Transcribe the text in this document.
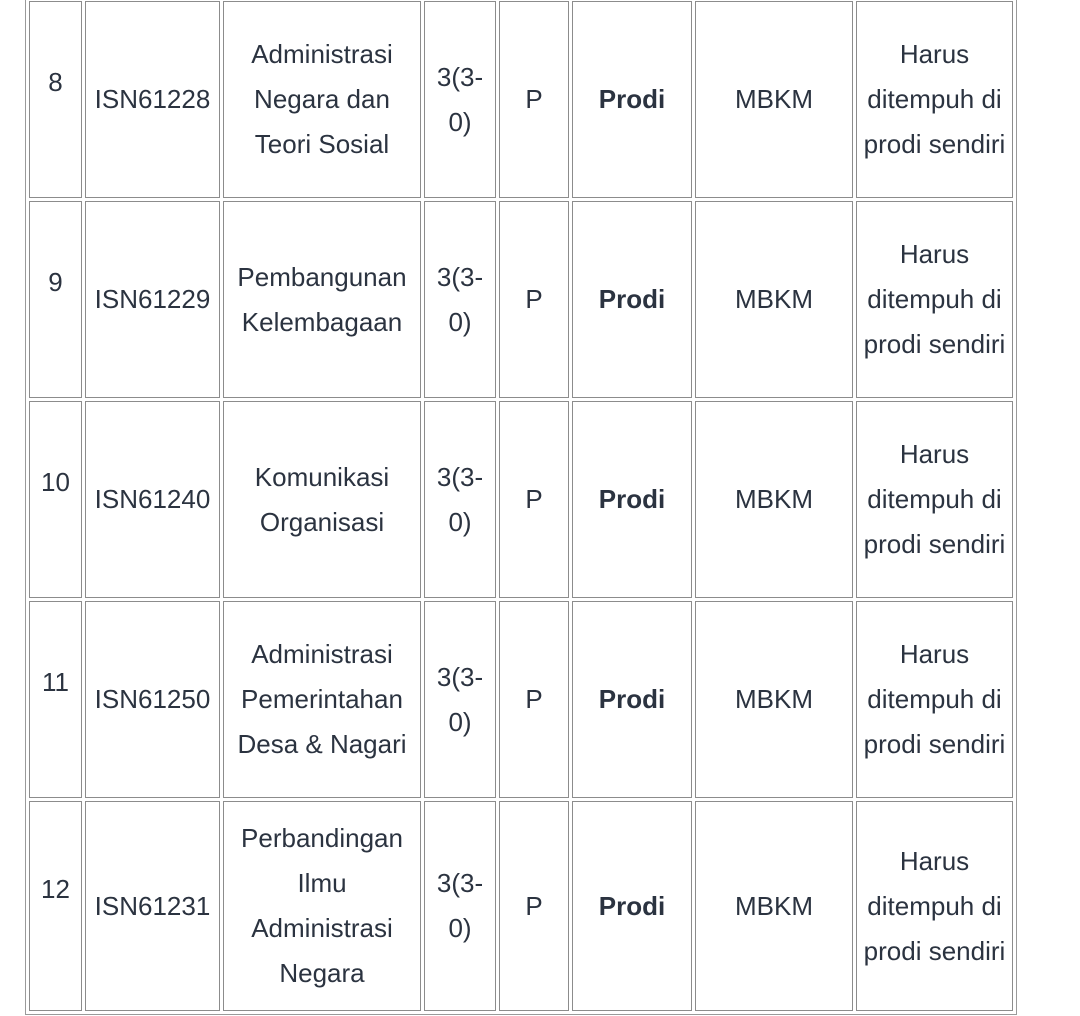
8	ISN61228	Administrasi Negara dan Teori Sosial	3(3-0)	P	Prodi	MBKM	Harus ditempuh di prodi sendiri
9	ISN61229	Pembangunan Kelembagaan	3(3-0)	P	Prodi	MBKM	Harus ditempuh di prodi sendiri
10	ISN61240	Komunikasi Organisasi	3(3-0)	P	Prodi	MBKM	Harus ditempuh di prodi sendiri
11	ISN61250	Administrasi Pemerintahan Desa & Nagari	3(3-0)	P	Prodi	MBKM	Harus ditempuh di prodi sendiri
12	ISN61231	Perbandingan Ilmu Administrasi Negara	3(3-0)	P	Prodi	MBKM	Harus ditempuh di prodi sendiri
